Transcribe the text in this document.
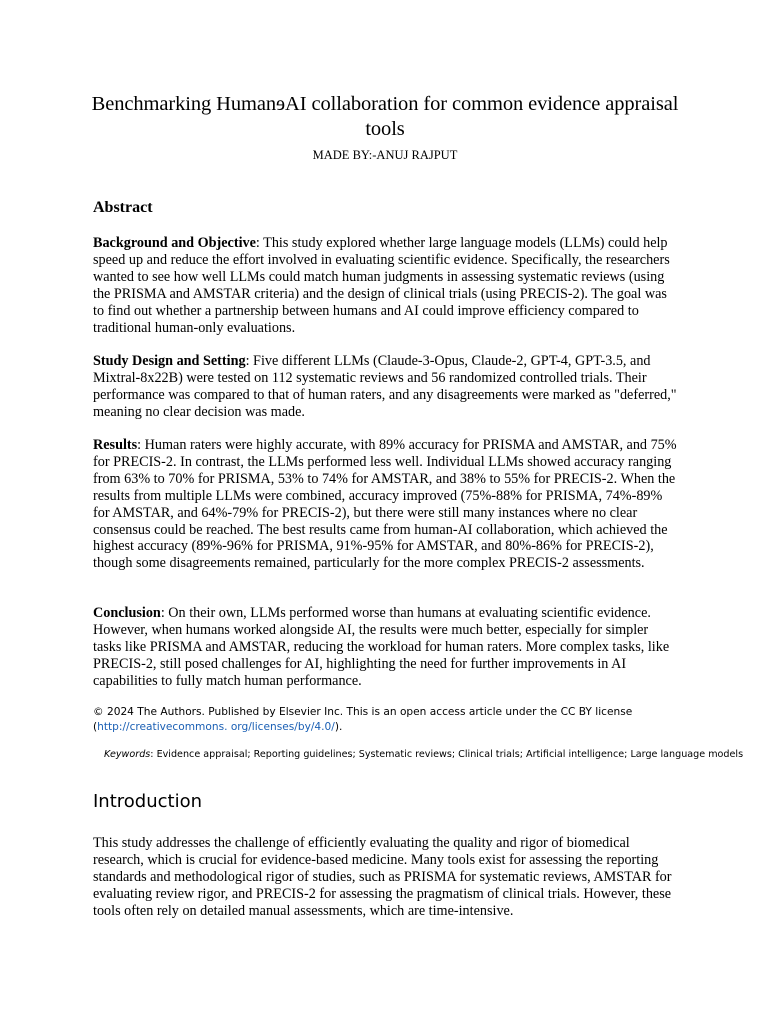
Benchmarking HumanɘAI collaboration for common evidence appraisal tools
MADE BY:-ANUJ RAJPUT
Abstract

Background and Objective: This study explored whether large language models (LLMs) could help speed up and reduce the effort involved in evaluating scientific evidence. Specifically, the researchers wanted to see how well LLMs could match human judgments in assessing systematic reviews (using the PRISMA and AMSTAR criteria) and the design of clinical trials (using PRECIS-2). The goal was to find out whether a partnership between humans and AI could improve efficiency compared to traditional human-only evaluations.

Study Design and Setting: Five different LLMs (Claude-3-Opus, Claude-2, GPT-4, GPT-3.5, and Mixtral-8x22B) were tested on 112 systematic reviews and 56 randomized controlled trials. Their performance was compared to that of human raters, and any disagreements were marked as "deferred," meaning no clear decision was made.

Results: Human raters were highly accurate, with 89% accuracy for PRISMA and AMSTAR, and 75% for PRECIS-2. In contrast, the LLMs performed less well. Individual LLMs showed accuracy ranging from 63% to 70% for PRISMA, 53% to 74% for AMSTAR, and 38% to 55% for PRECIS-2. When the results from multiple LLMs were combined, accuracy improved (75%-88% for PRISMA, 74%-89% for AMSTAR, and 64%-79% for PRECIS-2), but there were still many instances where no clear consensus could be reached. The best results came from human-AI collaboration, which achieved the highest accuracy (89%-96% for PRISMA, 91%-95% for AMSTAR, and 80%-86% for PRECIS-2), though some disagreements remained, particularly for the more complex PRECIS-2 assessments.

Conclusion: On their own, LLMs performed worse than humans at evaluating scientific evidence. However, when humans worked alongside AI, the results were much better, especially for simpler tasks like PRISMA and AMSTAR, reducing the workload for human raters. More complex tasks, like PRECIS-2, still posed challenges for AI, highlighting the need for further improvements in AI capabilities to fully match human performance.

© 2024 The Authors. Published by Elsevier Inc. This is an open access article under the CC BY license
(http://creativecommons. org/licenses/by/4.0/).
Keywords: Evidence appraisal; Reporting guidelines; Systematic reviews; Clinical trials; Artificial intelligence; Large language models
Introduction

This study addresses the challenge of efficiently evaluating the quality and rigor of biomedical research, which is crucial for evidence-based medicine. Many tools exist for assessing the reporting standards and methodological rigor of studies, such as PRISMA for systematic reviews, AMSTAR for evaluating review rigor, and PRECIS-2 for assessing the pragmatism of clinical trials. However, these tools often rely on detailed manual assessments, which are time-intensive.
